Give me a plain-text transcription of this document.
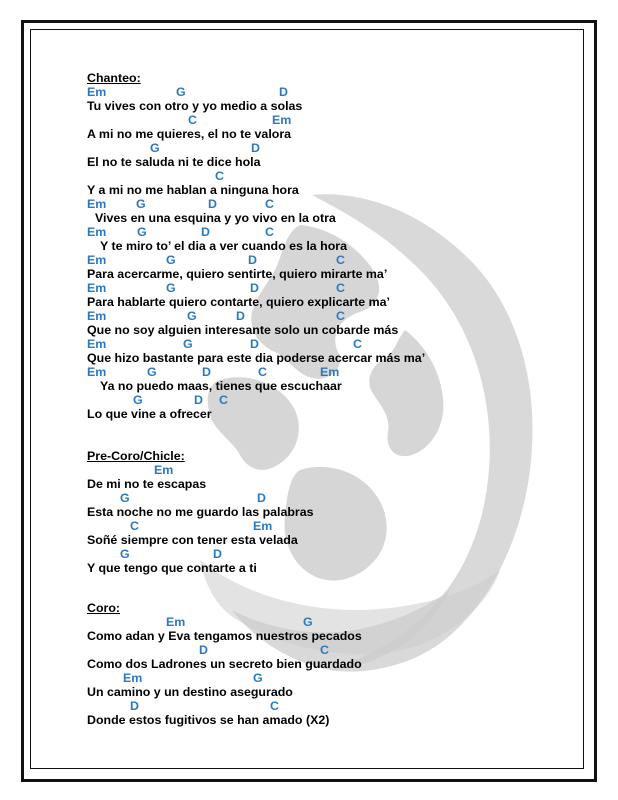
Chanteo:
Pre-Coro/Chicle:
Coro:
Em	G	D
Tu vives con otro y yo medio a solas
C	Em
A mi no me quieres, el no te valora
G	D
El no te saluda ni te dice hola
C
Y a mi no me hablan a ninguna hora
Em G	D	C
Vives en una esquina y yo vivo en la otra
Em G	D	C
Y te miro to’ el dia a ver cuando es la hora
Em	G	D	C
Para acercarme, quiero sentirte, quiero mirarte ma’
Em	G	D	C
Para hablarte quiero contarte, quiero explicarte ma’
Em	G	D	C
Que no soy alguien interesante solo un cobarde más
Em	G	D	C
Que hizo bastante para este dia poderse acercar más ma’
Em	G	D	C	Em
Ya no puedo maas, tienes que escuchaar
G	D C
Lo que vine a ofrecer
Em
De mi no te escapas
G	D
Esta noche no me guardo las palabras
C	Em
Soñé siempre con tener esta velada
G	D
Y que tengo que contarte a ti
Em	G
Como adan y Eva tengamos nuestros pecados
D	C
Como dos Ladrones un secreto bien guardado
Em	G
Un camino y un destino asegurado
D	C
Donde estos fugitivos se han amado (X2)
